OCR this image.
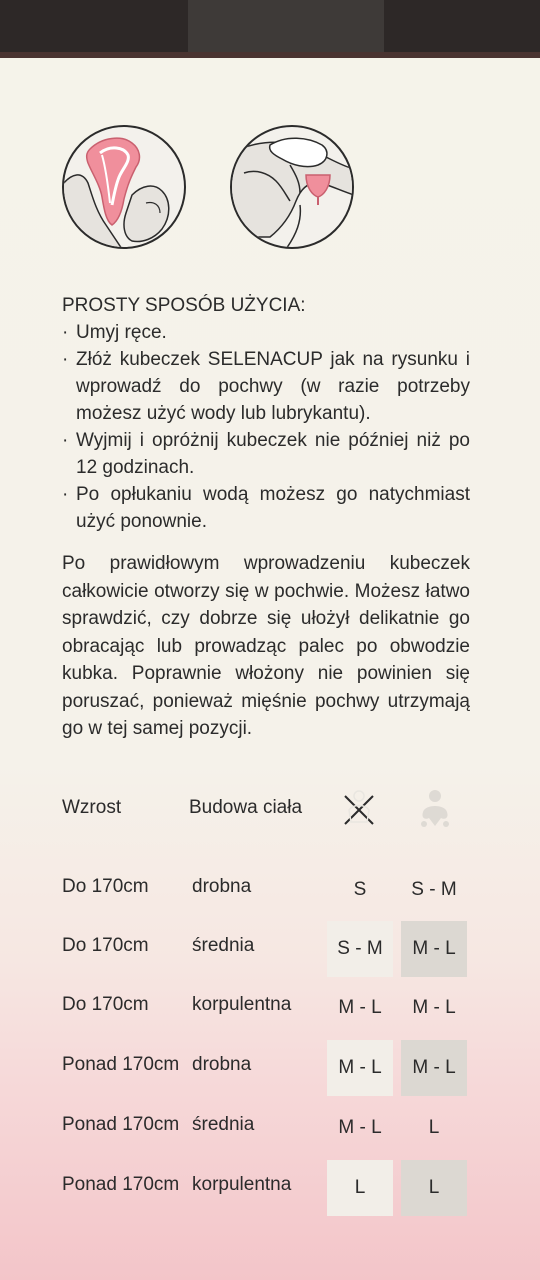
PROSTY SPOSÓB UŻYCIA:

· Umyj ręce.
· Złóż kubeczek SELENACUP jak na rysunku i wprowadź do pochwy (w razie potrzeby możesz użyć wody lub lubrykantu).
· Wyjmij i opróżnij kubeczek nie później niż po 12 godzinach.
· Po opłukaniu wodą możesz go natychmiast użyć ponownie.
Po prawidłowym wprowadzeniu kubeczek całkowicie otworzy się w pochwie. Możesz łatwo sprawdzić, czy dobrze się ułożył delikatnie go obracając lub prowadząc palec po obwodzie kubka. Poprawnie włożony nie powinien się poruszać, ponieważ mięśnie pochwy utrzymają go w tej samej pozycji.
Wzrost	Budowa ciała
Do 170cm drobna	S	S - M
Do 170cm średnia	S - M	M - L
Do 170cm korpulentna	M - L	M - L
Ponad 170cm drobna	M - L	M - L
Ponad 170cm średnia	M - L	L
Ponad 170cm korpulentna	L	L
